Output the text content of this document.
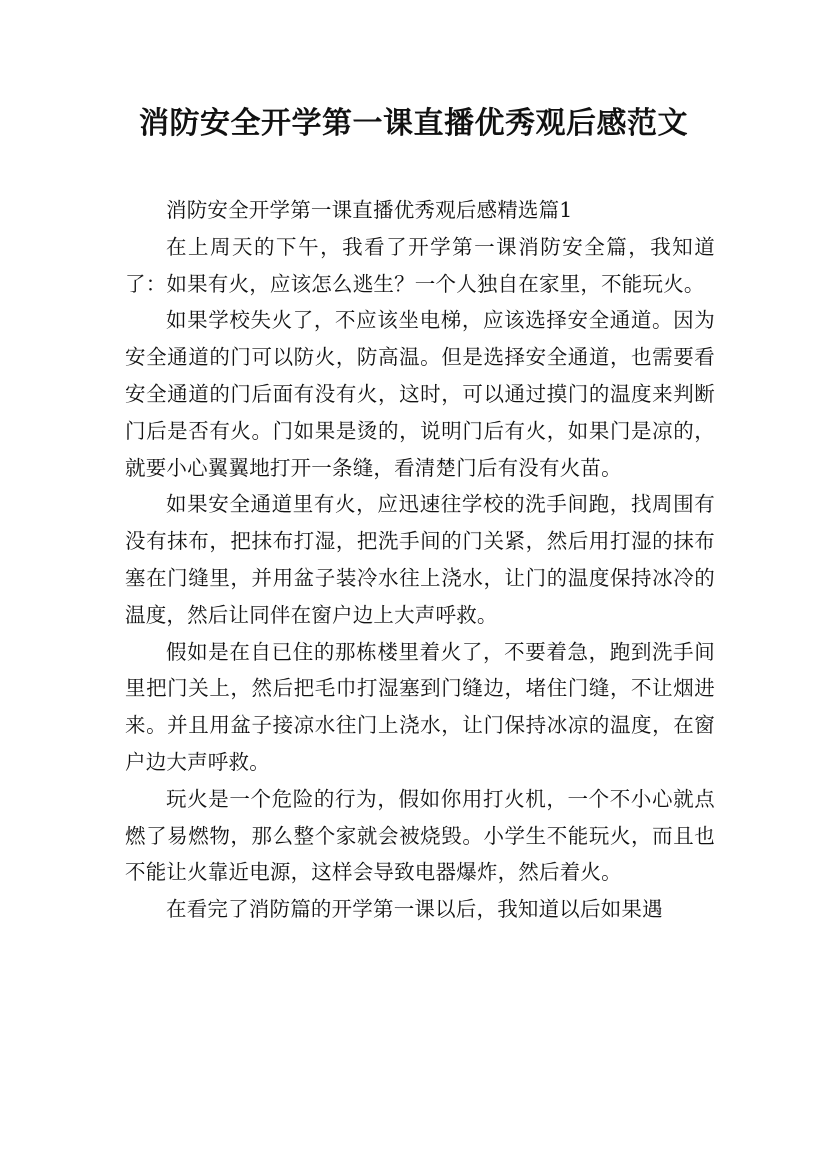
消防安全开学第一课直播优秀观后感范文

消防安全开学第一课直播优秀观后感精选篇1

在上周天的下午，我看了开学第一课消防安全篇，我知道了：如果有火，应该怎么逃生？一个人独自在家里，不能玩火。

如果学校失火了，不应该坐电梯，应该选择安全通道。因为安全通道的门可以防火，防高温。但是选择安全通道，也需要看安全通道的门后面有没有火，这时，可以通过摸门的温度来判断门后是否有火。门如果是烫的，说明门后有火，如果门是凉的，就要小心翼翼地打开一条缝，看清楚门后有没有火苗。

如果安全通道里有火，应迅速往学校的洗手间跑，找周围有没有抹布，把抹布打湿，把洗手间的门关紧，然后用打湿的抹布塞在门缝里，并用盆子装冷水往上浇水，让门的温度保持冰冷的温度，然后让同伴在窗户边上大声呼救。

假如是在自已住的那栋楼里着火了，不要着急，跑到洗手间里把门关上，然后把毛巾打湿塞到门缝边，堵住门缝，不让烟进来。并且用盆子接凉水往门上浇水，让门保持冰凉的温度，在窗户边大声呼救。

玩火是一个危险的行为，假如你用打火机，一个不小心就点燃了易燃物，那么整个家就会被烧毁。小学生不能玩火，而且也不能让火靠近电源，这样会导致电器爆炸，然后着火。

在看完了消防篇的开学第一课以后，我知道以后如果遇
